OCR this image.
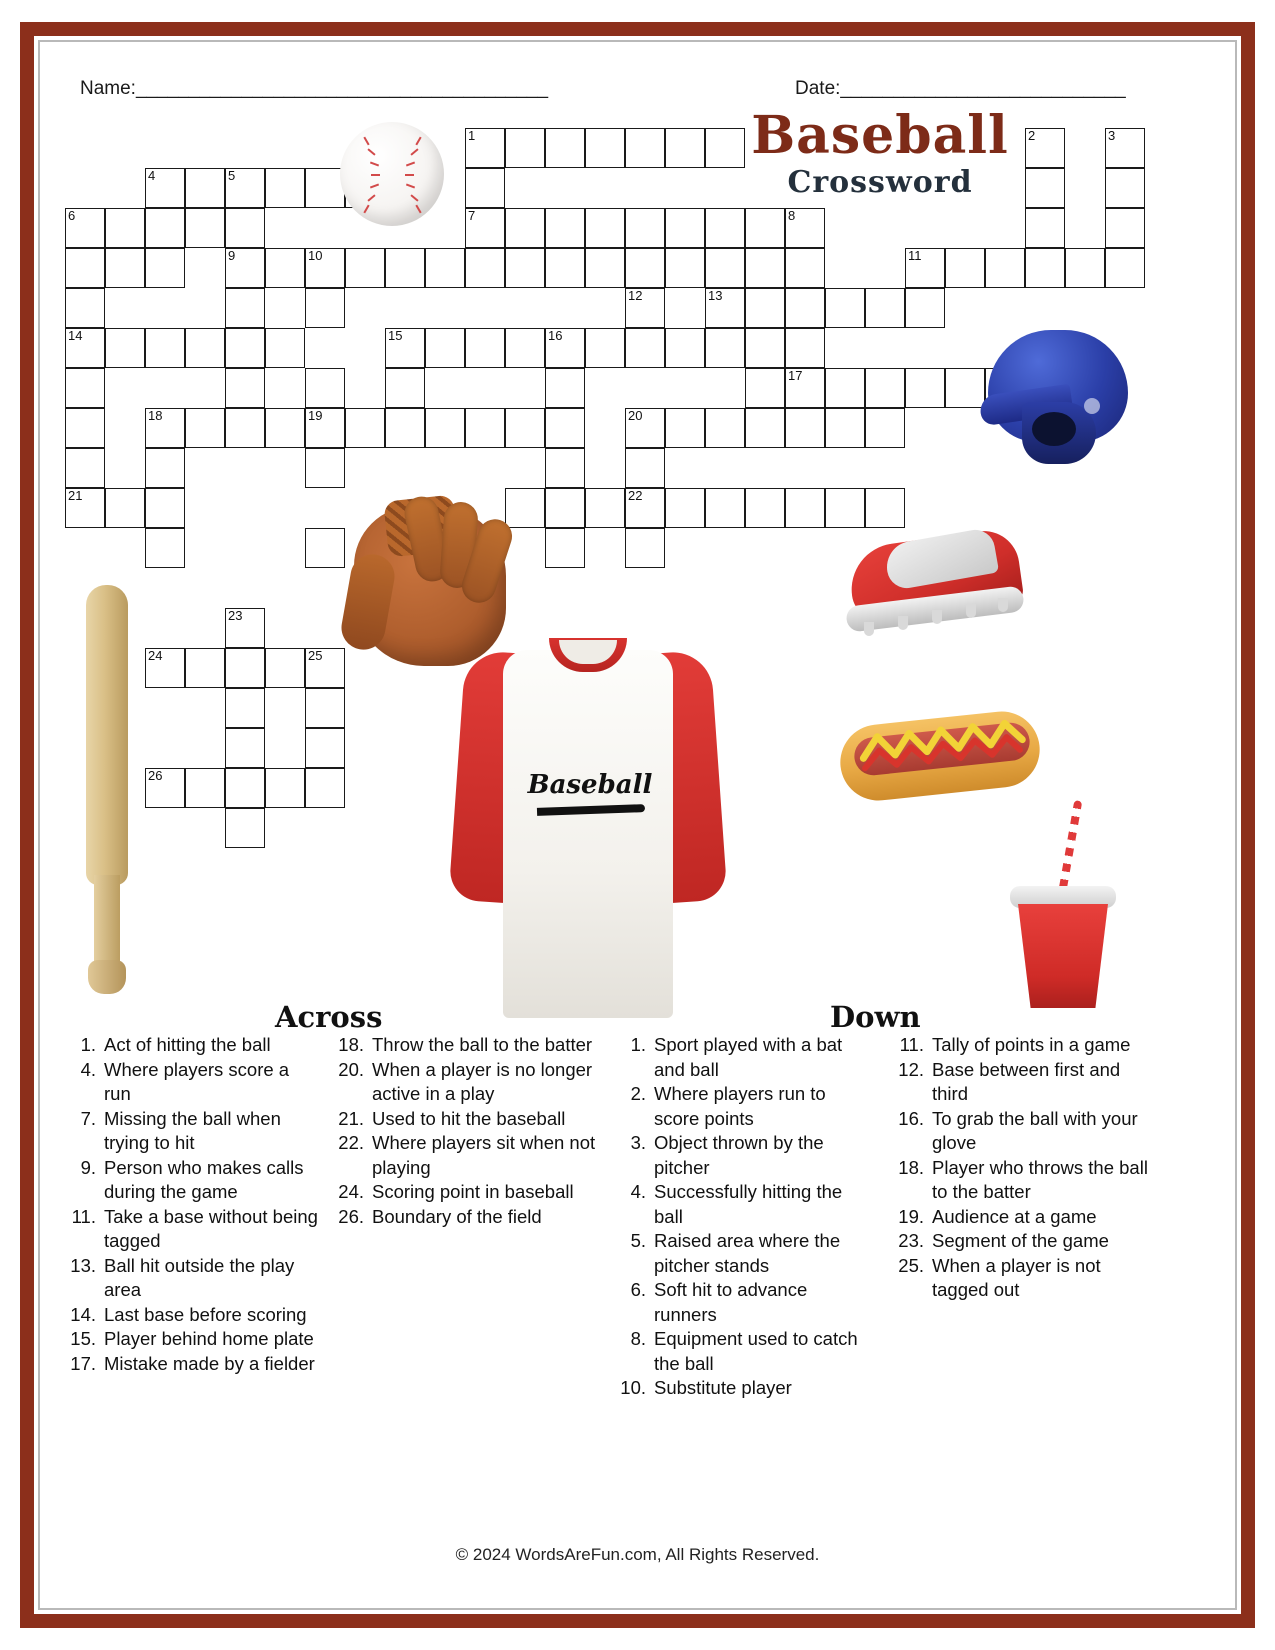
Name:_______________________________________	Date:___________________________
Baseball
Crossword
1	2	3
4	5
6	7	8
9	10	11
12	13
14	15	16
17
18	19	20
21	22
23
24	25
26	Baseball
Across	Down
1. Act of hitting the ball
4. Where players score a run
7. Missing the ball when trying to hit
9. Person who makes calls during the game
11. Take a base without being tagged
13. Ball hit outside the play area
14. Last base before scoring
15. Player behind home plate
17. Mistake made by a fielder
18. Throw the ball to the batter
20. When a player is no longer active in a play
21. Used to hit the baseball
22. Where players sit when not playing
24. Scoring point in baseball
26. Boundary of the field
1. Sport played with a bat and ball
2. Where players run to score points
3. Object thrown by the pitcher
4. Successfully hitting the ball
5. Raised area where the pitcher stands
6. Soft hit to advance runners
8. Equipment used to catch the ball
10. Substitute player
11. Tally of points in a game
12. Base between first and third
16. To grab the ball with your glove
18. Player who throws the ball to the batter
19. Audience at a game
23. Segment of the game
25. When a player is not tagged out
© 2024 WordsAreFun.com, All Rights Reserved.
